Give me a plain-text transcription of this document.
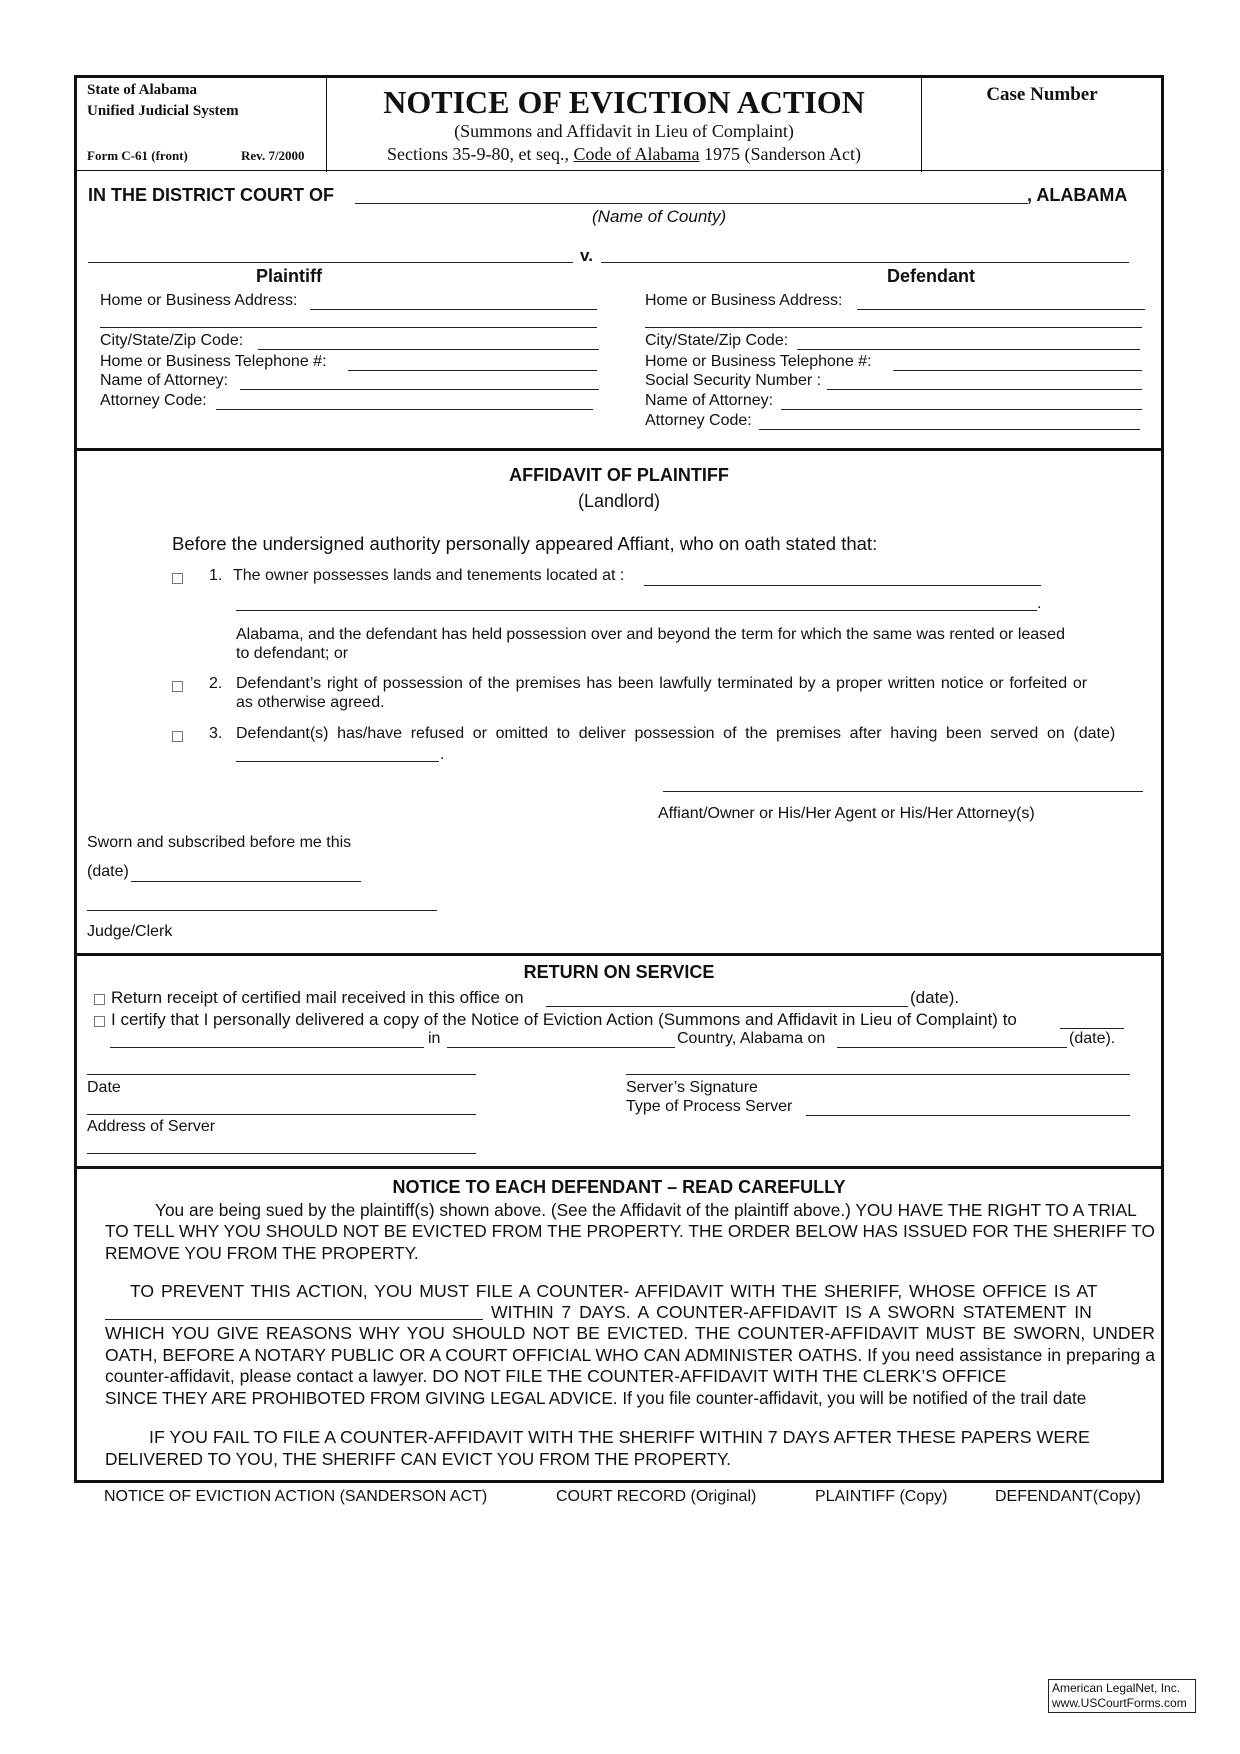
State of Alabama
Unified Judicial System
Form C-61 (front)	Rev. 7/2000
NOTICE OF EVICTION ACTION
(Summons and Affidavit in Lieu of Complaint)
Sections 35-9-80, et seq., Code of Alabama 1975 (Sanderson Act)
Case Number
IN THE DISTRICT COURT OF	, ALABAMA
(Name of County)
v.
Plaintiff
Home or Business Address:
City/State/Zip Code:
Home or Business Telephone #:
Name of Attorney:
Attorney Code:
Defendant
Home or Business Address:
City/State/Zip Code:
Home or Business Telephone #:
Social Security Number :
Name of Attorney:
Attorney Code:
AFFIDAVIT OF PLAINTIFF
(Landlord)
Before the undersigned authority personally appeared Affiant, who on oath stated that:
1. The owner possesses lands and tenements located at :
.
Alabama, and the defendant has held possession over and beyond the term for which the same was rented or leased
to defendant; or
2. Defendant’s right of possession of the premises has been lawfully terminated by a proper written notice or forfeited or
as otherwise agreed.
3. Defendant(s) has/have refused or omitted to deliver possession of the premises after having been served on (date)
.
Affiant/Owner or His/Her Agent or His/Her Attorney(s)
Sworn and subscribed before me this
(date)
Judge/Clerk
RETURN ON SERVICE
Return receipt of certified mail received in this office on	(date).
I certify that I personally delivered a copy of the Notice of Eviction Action (Summons and Affidavit in Lieu of Complaint) to
in	Country, Alabama on	(date).
Date	Server’s Signature
Type of Process Server
Address of Server
NOTICE TO EACH DEFENDANT – READ CAREFULLY
You are being sued by the plaintiff(s) shown above. (See the Affidavit of the plaintiff above.) YOU HAVE THE RIGHT TO A TRIAL
TO TELL WHY YOU SHOULD NOT BE EVICTED FROM THE PROPERTY. THE ORDER BELOW HAS ISSUED FOR THE SHERIFF TO REMOVE YOU FROM THE PROPERTY.
TO PREVENT THIS ACTION, YOU MUST FILE A COUNTER- AFFIDAVIT WITH THE SHERIFF, WHOSE OFFICE IS AT
WITHIN 7 DAYS. A COUNTER-AFFIDAVIT IS A SWORN STATEMENT IN
WHICH YOU GIVE REASONS WHY YOU SHOULD NOT BE EVICTED. THE COUNTER-AFFIDAVIT MUST BE SWORN, UNDER OATH, BEFORE A NOTARY PUBLIC OR A COURT OFFICIAL WHO CAN ADMINISTER OATHS. If you need assistance in preparing a counter-affidavit, please contact a lawyer. DO NOT FILE THE COUNTER-AFFIDAVIT WITH THE CLERK’S OFFICE
SINCE THEY ARE PROHIBOTED FROM GIVING LEGAL ADVICE. If you file counter-affidavit, you will be notified of the trail date
IF YOU FAIL TO FILE A COUNTER-AFFIDAVIT WITH THE SHERIFF WITHIN 7 DAYS AFTER THESE PAPERS WERE
DELIVERED TO YOU, THE SHERIFF CAN EVICT YOU FROM THE PROPERTY.
NOTICE OF EVICTION ACTION (SANDERSON ACT)	COURT RECORD (Original)	PLAINTIFF (Copy)	DEFENDANT(Copy)
American LegalNet, Inc.
www.USCourtForms.com
